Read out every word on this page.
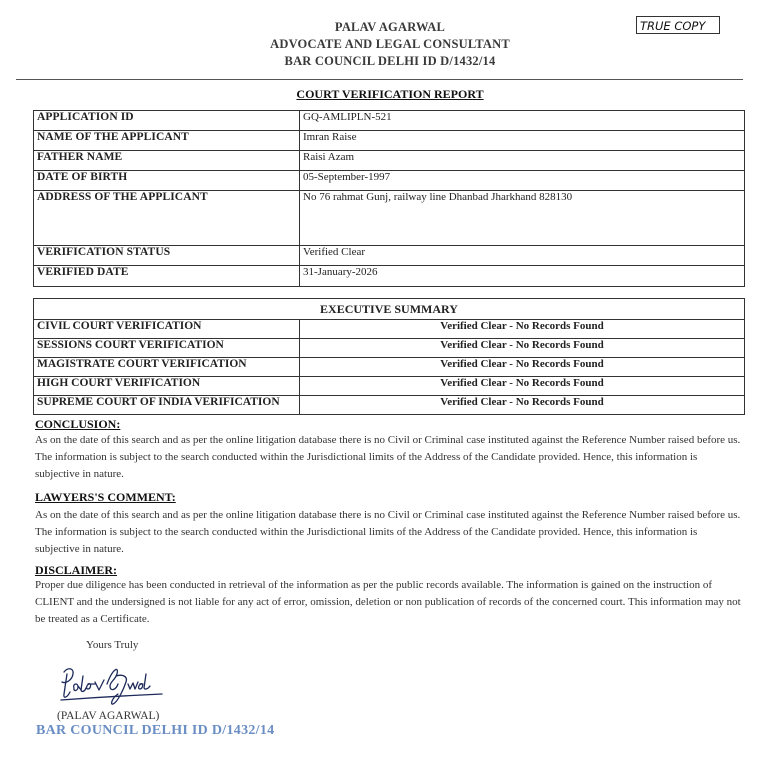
PALAV AGARWAL
ADVOCATE AND LEGAL CONSULTANT
BAR COUNCIL DELHI ID D/1432/14
TRUE COPY
COURT VERIFICATION REPORT
APPLICATION ID	GQ-AMLIPLN-521
NAME OF THE APPLICANT	Imran Raise
FATHER NAME	Raisi Azam
DATE OF BIRTH	05-September-1997
ADDRESS OF THE APPLICANT	No 76 rahmat Gunj, railway line Dhanbad Jharkhand 828130
VERIFICATION STATUS	Verified Clear
VERIFIED DATE	31-January-2026
EXECUTIVE SUMMARY	
CIVIL COURT VERIFICATION	Verified Clear - No Records Found
SESSIONS COURT VERIFICATION	Verified Clear - No Records Found
MAGISTRATE COURT VERIFICATION	Verified Clear - No Records Found
HIGH COURT VERIFICATION	Verified Clear - No Records Found
SUPREME COURT OF INDIA VERIFICATION	Verified Clear - No Records Found
CONCLUSION:
As on the date of this search and as per the online litigation database there is no Civil or Criminal case instituted against the Reference Number raised before us. The information is subject to the search conducted within the Jurisdictional limits of the Address of the Candidate provided. Hence, this information is subjective in nature.
LAWYERS'S COMMENT:
As on the date of this search and as per the online litigation database there is no Civil or Criminal case instituted against the Reference Number raised before us. The information is subject to the search conducted within the Jurisdictional limits of the Address of the Candidate provided. Hence, this information is subjective in nature.
DISCLAIMER:
Proper due diligence has been conducted in retrieval of the information as per the public records available. The information is gained on the instruction of CLIENT and the undersigned is not liable for any act of error, omission, deletion or non publication of records of the concerned court. This information may not be treated as a Certificate.
Yours Truly
(PALAV AGARWAL)
BAR COUNCIL DELHI ID D/1432/14
